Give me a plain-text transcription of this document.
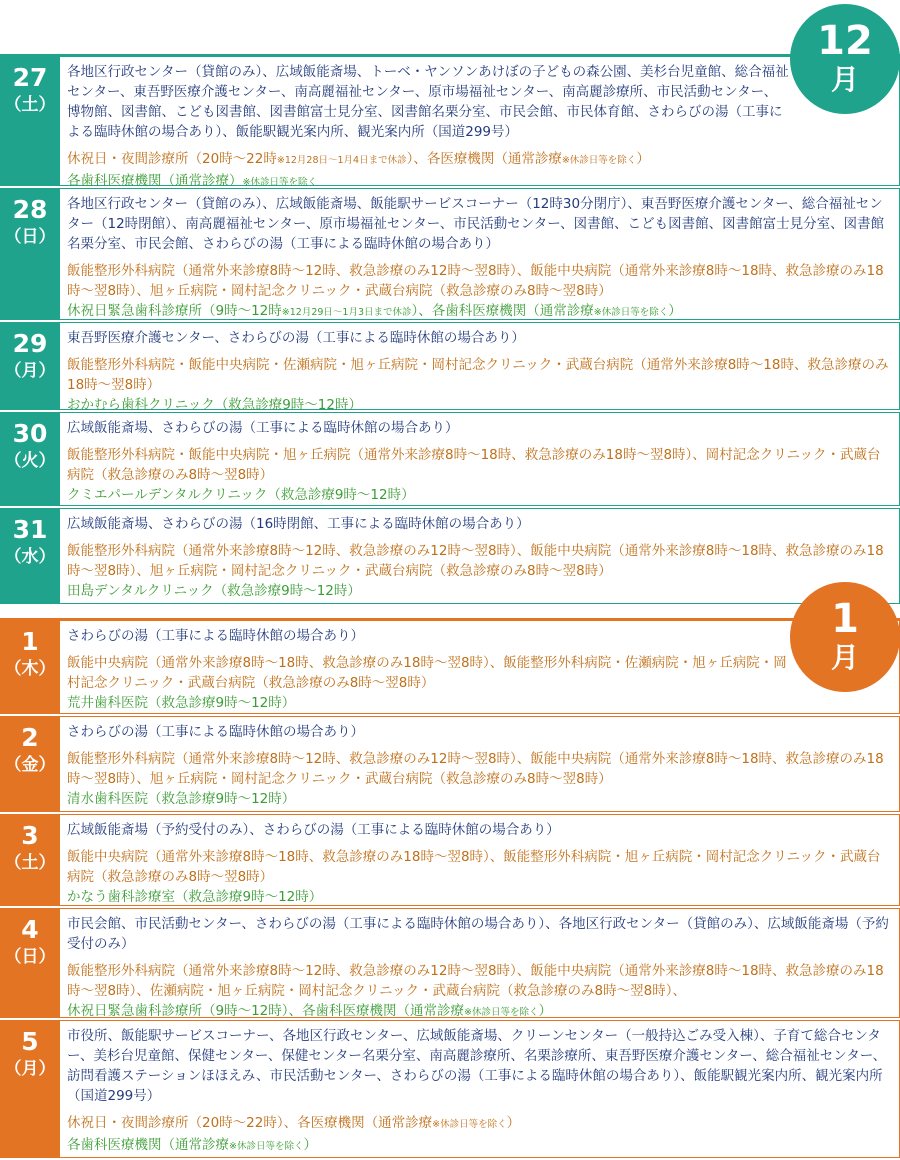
27
（土）
各地区行政センター（貸館のみ）、広域飯能斎場、トーベ・ヤンソンあけぼの子どもの森公園、美杉台児童館、総合福祉センター、東吾野医療介護センター、南高麗福祉センター、原市場福祉センター、南高麗診療所、市民活動センター、博物館、図書館、こども図書館、図書館富士見分室、図書館名栗分室、市民会館、市民体育館、さわらびの湯（工事による臨時休館の場合あり）、飯能駅観光案内所、観光案内所（国道299号）
休祝日・夜間診療所（20時～22時※12月28日～1月4日まで休診）、各医療機関（通常診療※休診日等を除く）
各歯科医療機関（通常診療）※休診日等を除く
28
（日）
各地区行政センター（貸館のみ）、広域飯能斎場、飯能駅サービスコーナー（12時30分閉庁）、東吾野医療介護センター、総合福祉センター（12時閉館）、南高麗福祉センター、原市場福祉センター、市民活動センター、図書館、こども図書館、図書館富士見分室、図書館名栗分室、市民会館、さわらびの湯（工事による臨時休館の場合あり）
飯能整形外科病院（通常外来診療8時～12時、救急診療のみ12時～翌8時）、飯能中央病院（通常外来診療8時～18時、救急診療のみ18時～翌8時）、旭ヶ丘病院・岡村記念クリニック・武蔵台病院（救急診療のみ8時～翌8時）
休祝日緊急歯科診療所（9時～12時※12月29日～1月3日まで休診）、各歯科医療機関（通常診療※休診日等を除く）
29
（月）
東吾野医療介護センター、さわらびの湯（工事による臨時休館の場合あり）
飯能整形外科病院・飯能中央病院・佐瀬病院・旭ヶ丘病院・岡村記念クリニック・武蔵台病院（通常外来診療8時～18時、救急診療のみ18時～翌8時）
おかむら歯科クリニック（救急診療9時～12時）
30
（火）
広域飯能斎場、さわらびの湯（工事による臨時休館の場合あり）
飯能整形外科病院・飯能中央病院・旭ヶ丘病院（通常外来診療8時～18時、救急診療のみ18時～翌8時）、岡村記念クリニック・武蔵台病院（救急診療のみ8時～翌8時）
クミエパールデンタルクリニック（救急診療9時～12時）
31
（水）
広域飯能斎場、さわらびの湯（16時閉館、工事による臨時休館の場合あり）
飯能整形外科病院（通常外来診療8時～12時、救急診療のみ12時～翌8時）、飯能中央病院（通常外来診療8時～18時、救急診療のみ18時～翌8時）、旭ヶ丘病院・岡村記念クリニック・武蔵台病院（救急診療のみ8時～翌8時）
田島デンタルクリニック（救急診療9時～12時）
12
月
1
（木）
さわらびの湯（工事による臨時休館の場合あり）
飯能中央病院（通常外来診療8時～18時、救急診療のみ18時～翌8時）、飯能整形外科病院・佐瀬病院・旭ヶ丘病院・岡村記念クリニック・武蔵台病院（救急診療のみ8時～翌8時）
荒井歯科医院（救急診療9時～12時）
2
（金）
さわらびの湯（工事による臨時休館の場合あり）
飯能整形外科病院（通常外来診療8時～12時、救急診療のみ12時～翌8時）、飯能中央病院（通常外来診療8時～18時、救急診療のみ18時～翌8時）、旭ヶ丘病院・岡村記念クリニック・武蔵台病院（救急診療のみ8時～翌8時）
清水歯科医院（救急診療9時～12時）
3
（土）
広域飯能斎場（予約受付のみ）、さわらびの湯（工事による臨時休館の場合あり）
飯能中央病院（通常外来診療8時～18時、救急診療のみ18時～翌8時）、飯能整形外科病院・旭ヶ丘病院・岡村記念クリニック・武蔵台病院（救急診療のみ8時～翌8時）
かなう歯科診療室（救急診療9時～12時）
4
（日）
市民会館、市民活動センター、さわらびの湯（工事による臨時休館の場合あり）、各地区行政センター（貸館のみ）、広域飯能斎場（予約受付のみ）
飯能整形外科病院（通常外来診療8時～12時、救急診療のみ12時～翌8時）、飯能中央病院（通常外来診療8時～18時、救急診療のみ18時～翌8時）、佐瀬病院・旭ヶ丘病院・岡村記念クリニック・武蔵台病院（救急診療のみ8時～翌8時）、
休祝日緊急歯科診療所（9時～12時）、各歯科医療機関（通常診療※休診日等を除く）
5
（月）
市役所、飯能駅サービスコーナー、各地区行政センター、広域飯能斎場、クリーンセンター（一般持込ごみ受入棟）、子育て総合センター、美杉台児童館、保健センター、保健センター名栗分室、南高麗診療所、名栗診療所、東吾野医療介護センター、総合福祉センター、訪問看護ステーションほほえみ、市民活動センター、さわらびの湯（工事による臨時休館の場合あり）、飯能駅観光案内所、観光案内所（国道299号）
休祝日・夜間診療所（20時～22時）、各医療機関（通常診療※休診日等を除く）
各歯科医療機関（通常診療※休診日等を除く）
1
月
